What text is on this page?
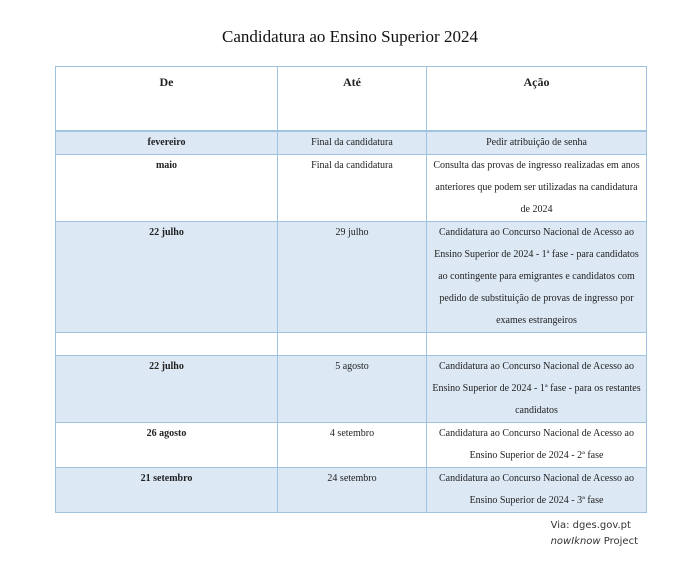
Candidatura ao Ensino Superior 2024
De	Até	Ação

fevereiro	Final da candidatura	Pedir atribuição de senha

maio	Final da candidatura	Consulta das provas de ingresso realizadas em anos anteriores que podem ser utilizadas na candidatura de 2024

22 julho	29 julho	Candidatura ao Concurso Nacional de Acesso ao Ensino Superior de 2024 - 1ª fase - para candidatos ao contingente para emigrantes e candidatos com pedido de substituição de provas de ingresso por exames estrangeiros

22 julho	5 agosto	Candidatura ao Concurso Nacional de Acesso ao Ensino Superior de 2024 - 1ª fase - para os restantes candidatos

26 agosto	4 setembro	Candidatura ao Concurso Nacional de Acesso ao Ensino Superior de 2024 - 2ª fase

21 setembro	24 setembro	Candidatura ao Concurso Nacional de Acesso ao Ensino Superior de 2024 - 3ª fase
Via: dges.gov.pt
nowIknow Project
